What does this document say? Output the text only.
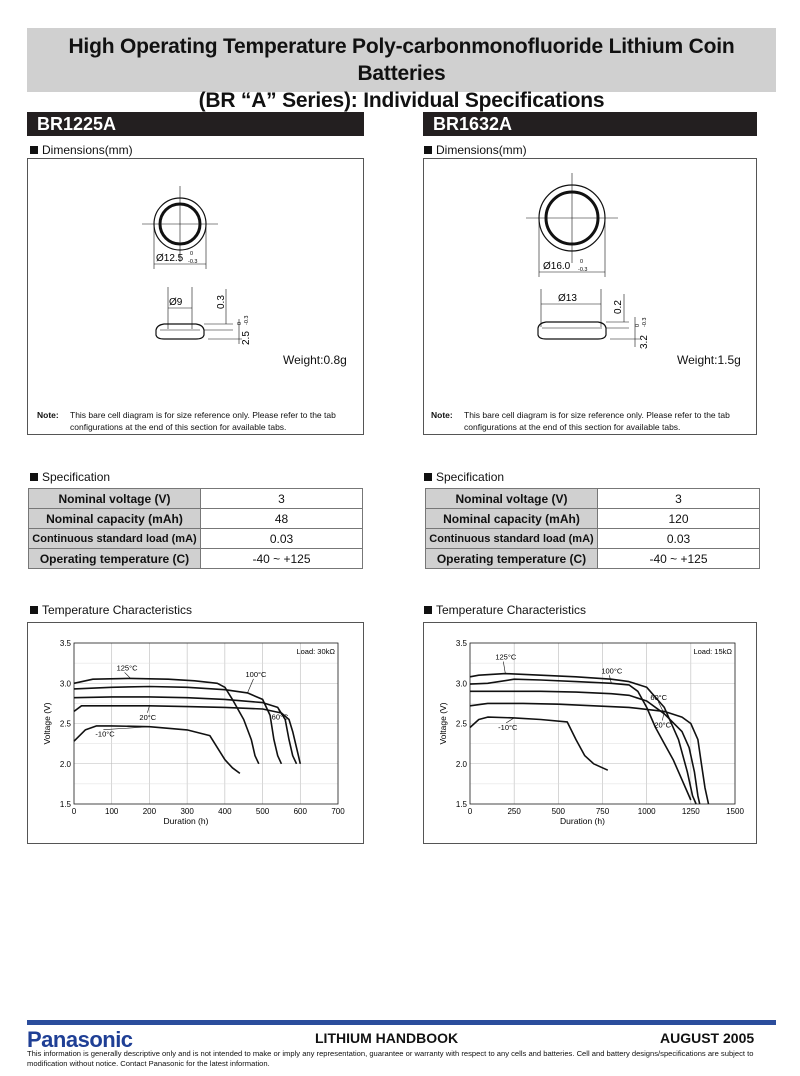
High Operating Temperature Poly-carbonmonofluoride Lithium Coin Batteries
(BR “A” Series): Individual Specifications
BR1225A
Dimensions(mm)
Ø12.5 0
-0.3
Ø9	0.3
2.5
0 -0.3
Weight:0.8g
Note: This bare cell diagram is for size reference only. Please refer to the tab configurations at the end of this section for available tabs.
Specification
Nominal voltage (V)	3
Nominal capacity (mAh)	48
Continuous standard load (mA)	0.03
Operating temperature (C)	-40 ~ +125
Temperature Characteristics
0	100	200	300	400	500	600	700
1.5
2.0
2.5
3.0
3.5
Duration (h)
Voltage (V)
Load: 30kΩ
125°C
100°C
60°C
20°C
-10°C
BR1632A
Dimensions(mm)
Ø16.0 0
-0.3
Ø13
0.2
3.2
0 -0.3
Weight:1.5g
Note: This bare cell diagram is for size reference only. Please refer to the tab configurations at the end of this section for available tabs.
Specification
Nominal voltage (V)	3
Nominal capacity (mAh)	120
Continuous standard load (mA)	0.03
Operating temperature (C)	-40 ~ +125
Temperature Characteristics
0	250	500	750	1000	1250	1500
1.5
2.0
2.5
3.0
3.5
Duration (h)
Voltage (V)
Load: 15kΩ
125°C
100°C
60°C
20°C
-10°C
Panasonic	LITHIUM HANDBOOK	AUGUST 2005
This information is generally descriptive only and is not intended to make or imply any representation, guarantee or warranty with respect to any cells and batteries. Cell and battery designs/specifications are subject to modification without notice. Contact Panasonic for the latest information.
